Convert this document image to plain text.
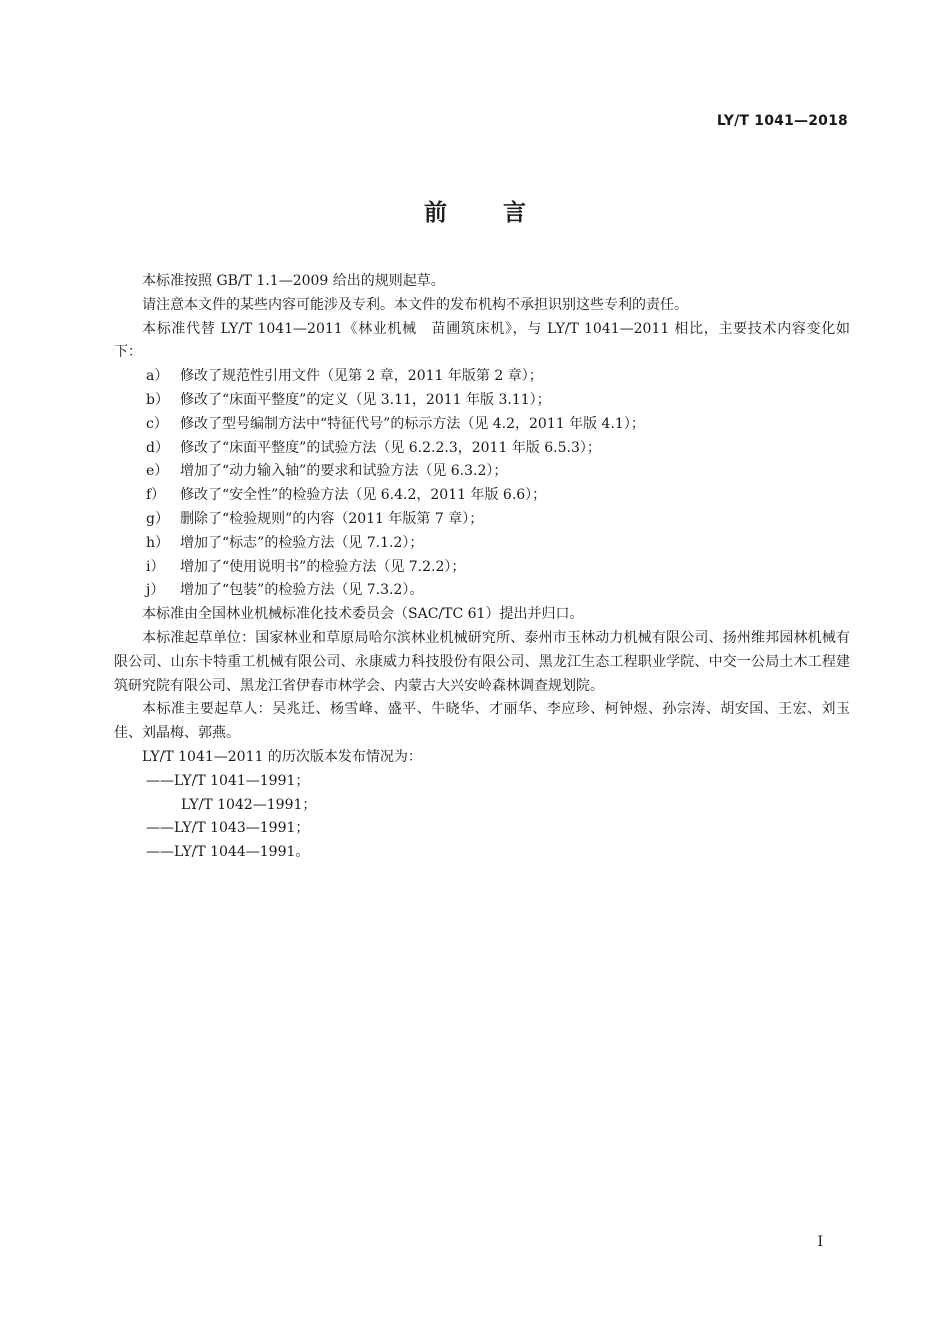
LY/T 1041—2018
前言

本标准按照 GB/T 1.1—2009 给出的规则起草。

请注意本文件的某些内容可能涉及专利。本文件的发布机构不承担识别这些专利的责任。

本标准代替 LY/T 1041—2011《林业机械　苗圃筑床机》，与 LY/T 1041—2011 相比，主要技术内容变化如下：

a） 修改了规范性引用文件（见第 2 章，2011 年版第 2 章）；

b） 修改了“床面平整度”的定义（见 3.11，2011 年版 3.11）；

c） 修改了型号编制方法中“特征代号”的标示方法（见 4.2，2011 年版 4.1）；

d） 修改了“床面平整度”的试验方法（见 6.2.2.3，2011 年版 6.5.3）；

e） 增加了“动力输入轴”的要求和试验方法（见 6.3.2）；

f） 修改了“安全性”的检验方法（见 6.4.2，2011 年版 6.6）；

g） 删除了“检验规则”的内容（2011 年版第 7 章）；

h） 增加了“标志”的检验方法（见 7.1.2）；

i） 增加了“使用说明书”的检验方法（见 7.2.2）；

j） 增加了“包装”的检验方法（见 7.3.2）。

本标准由全国林业机械标准化技术委员会（SAC/TC 61）提出并归口。

本标准起草单位：国家林业和草原局哈尔滨林业机械研究所、泰州市玉林动力机械有限公司、扬州维邦园林机械有限公司、山东卡特重工机械有限公司、永康威力科技股份有限公司、黑龙江生态工程职业学院、中交一公局土木工程建筑研究院有限公司、黑龙江省伊春市林学会、内蒙古大兴安岭森林调查规划院。

本标准主要起草人：吴兆迁、杨雪峰、盛平、牛晓华、才丽华、李应珍、柯钟煜、孙宗涛、胡安国、王宏、刘玉佳、刘晶梅、郭燕。

LY/T 1041—2011 的历次版本发布情况为：

——LY/T 1041—1991；

LY/T 1042—1991；

——LY/T 1043—1991；

——LY/T 1044—1991。

I
